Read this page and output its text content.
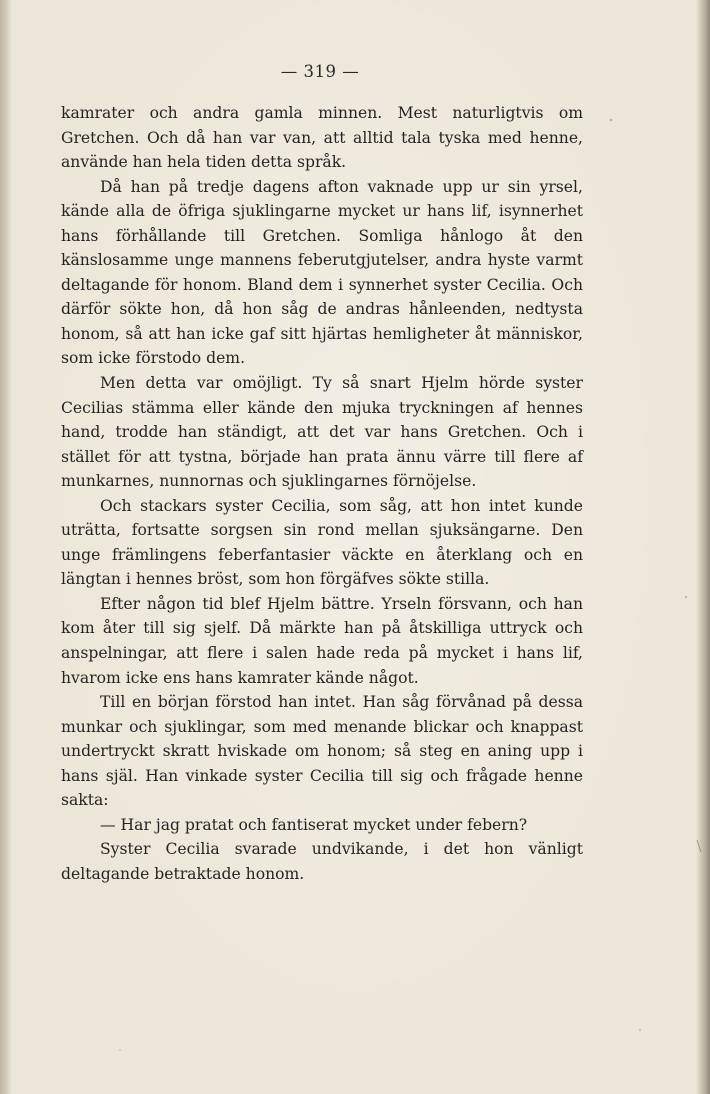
— 319 —

kamrater och andra gamla minnen. Mest naturligtvis om Gretchen. Och då han var van, att alltid tala tyska med henne, använde han hela tiden detta språk.

Då han på tredje dagens afton vaknade upp ur sin yrsel, kände alla de öfriga sjuklingarne mycket ur hans lif, isynnerhet hans förhållande till Gretchen. Somliga hånlogo åt den känslosamme unge mannens feberutgjutelser, andra hyste varmt deltagande för honom. Bland dem i synnerhet syster Cecilia. Och därför sökte hon, då hon såg de andras hånleenden, nedtysta honom, så att han icke gaf sitt hjärtas hemligheter åt människor, som icke förstodo dem.

Men detta var omöjligt. Ty så snart Hjelm hörde syster Cecilias stämma eller kände den mjuka tryckningen af hennes hand, trodde han ständigt, att det var hans Gretchen. Och i stället för att tystna, började han prata ännu värre till flere af munkarnes, nunnornas och sjuklingarnes förnöjelse.

Och stackars syster Cecilia, som såg, att hon intet kunde uträtta, fortsatte sorgsen sin rond mellan sjuksängarne. Den unge främlingens feberfantasier väckte en återklang och en längtan i hennes bröst, som hon förgäfves sökte stilla.

Efter någon tid blef Hjelm bättre. Yrseln försvann, och han kom åter till sig sjelf. Då märkte han på åtskilliga uttryck och anspelningar, att flere i salen hade reda på mycket i hans lif, hvarom icke ens hans kamrater kände något.

Till en början förstod han intet. Han såg förvånad på dessa munkar och sjuklingar, som med menande blickar och knappast undertryckt skratt hviskade om honom; så steg en aning upp i hans själ. Han vinkade syster Cecilia till sig och frågade henne sakta:

— Har jag pratat och fantiserat mycket under febern?

Syster Cecilia svarade undvikande, i det hon vänligt deltagande betraktade honom.
